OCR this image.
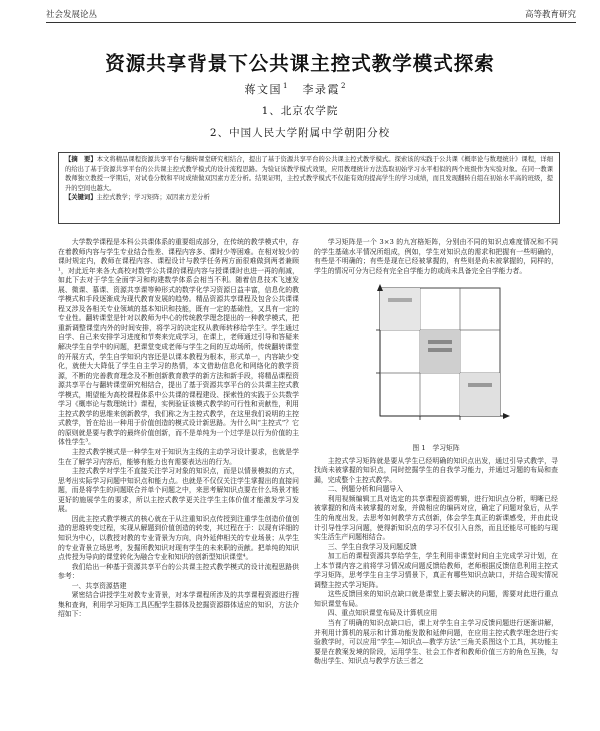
社会发展论丛	高等教育研究
资源共享背景下公共课主控式教学模式探索
蒋文国$^1$ 李录霞$^2$
1、北京农学院
2、中国人民大学附属中学朝阳分校
【摘　要】本文将精品课程资源共享平台与翻转课堂研究相结合，提出了基于资源共享平台的公共课主控式教学模式。探索该的实践于公共课《概率论与数理统计》课程，详细的给出了基于资源共享平台的公共课主控式教学模式的设计流程思路。为验证该教学模式效果，应用教理统计方法选取初始学习水平相似的两个班级作为实验对象。在同一教课教师独立教授一学期后，对试卷分数和平时成绩做双因素方差分析。结果证明，主控式教学模式不仅能有效的提高学生的学习成绩，而且发现翻转自组在初始水平高的班级，提升的空间也越大。
【关键词】主控式教学；学习矩阵；双因素方差分析

大学数学课程是本科公共课体系的重要组成部分，在传统的教学模式中，存在着教师内容与学生专业结合性差、课程内容多、课时少等困难。在相对较少的课时规定内，教师在课程内容、课程设计与教学任务两方面很难做到两者兼顾¹，对此近年来各大高校对数学公共课的课程内容与授课课时也进一再的削减，如此下去对于学生全面学习和构建数学体系会相当不利。随着信息技术飞速发展、微课、慕课、资源共享课等种形式的数学化学习资源日益丰富，信息化的教学模式和手段逐渐成为现代教育发展的趋势。精品资源共享课程及包含公共课课程又涉及各相关专业领域的基本知识和技能，既有一定的基础性，又具有一定的专业性。翻转课堂是针对以教师为中心的传统教学理念提出的一种教学模式，把重新调整课堂内外的时间安排，将学习的决定权从教师转移给学生²。学生通过自学、自己来安排学习进度和节奏来完成学习，在课上，老师通过引导和答疑来解决学生自学中的问题，把课堂变成老师与学生之间的互动场所，传统翻转课堂的开展方式，学生自学知识内容还是以课本教程为根本，形式单一，内容缺少变化，就使大大降低了学生自主学习的热情，本文借助信息化和网络化的教学资源，不断的完善教育理念及不断创新教育教学的新方法和新手段，将精品课程资源共享平台与翻转课堂研究相结合，提出了基于资源共享平台的公共课主控式教学模式，期望能为高校课程体系中公共课的课程建设、探索性的实践于公共数学学习《概率论与数理统计》课程，实例验证该模式教学的可行性和贡献性，利用主控式教学的思维来创新教学，我们称之为主控式教学，在这里我们说明的主控式教学，旨在给出一种用于价值创造的模式设计新思路。为什么叫“主控式”？它的原则就是要与教学的最终价值创新，而不是单纯为一个过学是以行为价值的主体性学生³。

主控式教学模式是一种学生对于知识为主线的主动学习设计要求，也就是学生在了解学习内容后，能够有能力也有需要表达出的行为。

主控式教学对学生不直接关注学习对象的知识点，而是以情景模拟的方式，思考出实际学习问题中知识点和能力点。也就是不仅仅关注学生掌握出的直接问题，而是将学生的问题联合并单个问题之中，来思考解知识点要在什么场景才能更好的施展学生的要求，所以主控式教学更关注学生主体价值才能激发学习发展。

因此主控式教学模式的核心就在于从注重知识点传授到注重学生创造价值创造的思维转变过程，实现从解题到价值创造的转变，其过程在于：以现有详细的知识为中心，以教授对教的专业背景为方向，向外延伸相关的专业场景；从学生的专业背景立场思考，发掘所教知识对现有学生的未来职的贡献。把单纯的知识点传授为导向的课堂转化为融合专业和知识的创新型知识课堂⁴。

我们给出一种基于资源共享平台的公共课主控式教学模式的设计流程思路供参考：

一、共享资源搭建

紧密结合讲授学生对教专业背景，对本学课程所涉及的共享课程资源进行搜集和查询，利用学习矩阵工具匹配学生群体及挖掘资源群体适应的知识，方法介绍如下：

学习矩阵是一个 3×3 的九宫格矩阵，分别由不同的知识点难度情况和不同的学生基础水平情况所组成，例如，学生对知识点的需求和把握有一些明确的，有些是不明确的；有些是现在已经被掌握的，有些则是尚未被掌握的，同样的，学生的情况可分为已经有完全自学能力的或尚未具备完全自学能力者。

图 1　学习矩阵

主控式学习矩阵就是要从学生已经明确的知识点出发，通过引导式教学，寻找尚未被掌握的知识点，同时挖掘学生的自我学习能力，并通过习题的布局和查漏，完成整个主控式教学。

二、例题分析和问题导入

利用视频编辑工具对选定的共享课程资源剪辑，进行知识点分析，明晰已经被掌握的和尚未被掌握的对象，并做相应的编码对应，确定了问题对象后，从学生的角度出发，去思考如何教学方式创新，体会学生真正的新课感受，并由此设计引导性学习问题，使得新知识点的学习不仅引入自然，而且还能尽可能的与现实生活生产问题相结合。

三、学生自我学习及问题反馈

加工后的课程资源共享给学生，学生利用非课堂时间自主完成学习计划，在上本节课内容之前将学习情况或问题反馈给教师，老师根据反馈信息利用主控式学习矩阵，思考学生自主学习情景下，真正有哪些知识点缺口，并结合现实情况调整主控式学习矩阵。

这些反馈回来的知识点缺口就是课堂上要去解决的问题，需要对此进行重点知识课堂布局。

四、重点知识课堂布局及计算机应用

当有了明确的知识点缺口后，课上对学生自主学习反馈问题进行逐渐讲解，并利用计算机的展示和计算功能发散和延伸问题，在应用主控式教学理念进行实验教学时，可以应用“学生—知识点—教学方法”三角关系图这个工具，其功能主要是在教案发境的阶段，运用学生、社会工作者和教师价值三方的角色互换，勾勒出学生、知识点与教学方法三者之
